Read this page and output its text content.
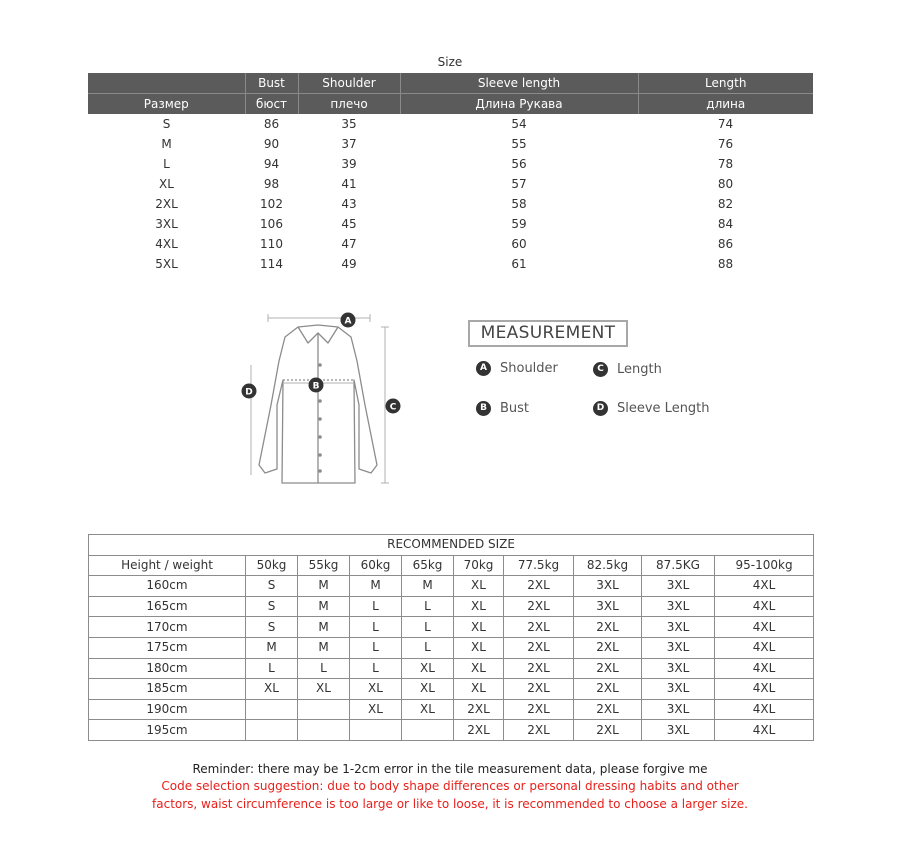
Size
	Bust	Shoulder	Sleeve length	Length
Размер	бюст	плечо	Длина Рукава	длина
S	86	35	54	74
M	90	37	55	76
L	94	39	56	78
XL	98	41	57	80
2XL	102	43	58	82
3XL	106	45	59	84
4XL	110	47	60	86
5XL	114	49	61	88
A
B
C
D
MEASUREMENT
A	Shoulder	C	Length
B	Bust	D Sleeve Length
RECOMMENDED SIZE									
Height / weight	50kg	55kg	60kg	65kg	70kg	77.5kg	82.5kg	87.5KG	95-100kg
160cm	S	M	M	M	XL	2XL	3XL	3XL	4XL
165cm	S	M	L	L	XL	2XL	3XL	3XL	4XL
170cm	S	M	L	L	XL	2XL	2XL	3XL	4XL
175cm	M	M	L	L	XL	2XL	2XL	3XL	4XL
180cm	L	L	L	XL	XL	2XL	2XL	3XL	4XL
185cm	XL	XL	XL	XL	XL	2XL	2XL	3XL	4XL
190cm			XL	XL	2XL	2XL	2XL	3XL	4XL
195cm					2XL	2XL	2XL	3XL	4XL
Reminder: there may be 1-2cm error in the tile measurement data, please forgive me
Code selection suggestion: due to body shape differences or personal dressing habits and other
factors, waist circumference is too large or like to loose, it is recommended to choose a larger size.
